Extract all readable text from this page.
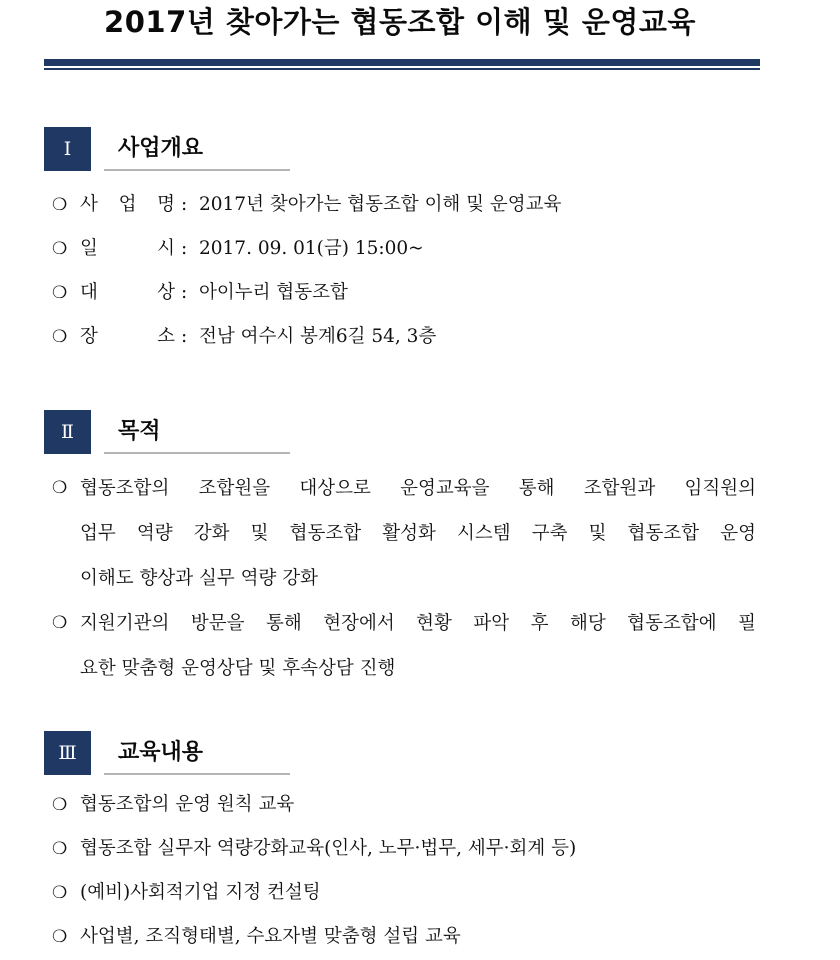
2017년 찾아가는 협동조합 이해 및 운영교육
Ⅰ	사업개요
❍ 사 업 명 : 2017년 찾아가는 협동조합 이해 및 운영교육
❍ 일 시 : 2017. 09. 01(금) 15:00~
❍ 대 상 : 아이누리 협동조합
❍ 장 소 : 전남 여수시 봉계6길 54, 3층
Ⅱ	목적
❍ 협동조합의 조합원을 대상으로 운영교육을 통해 조합원과 임직원의
업무 역량 강화 및 협동조합 활성화 시스템 구축 및 협동조합 운영
이해도 향상과 실무 역량 강화
❍ 지원기관의 방문을 통해 현장에서 현황 파악 후 해당 협동조합에 필
요한 맞춤형 운영상담 및 후속상담 진행
Ⅲ	교육내용
❍ 협동조합의 운영 원칙 교육
❍ 협동조합 실무자 역량강화교육(인사, 노무·법무, 세무·회계 등)
❍ (예비)사회적기업 지정 컨설팅
❍ 사업별, 조직형태별, 수요자별 맞춤형 설립 교육
